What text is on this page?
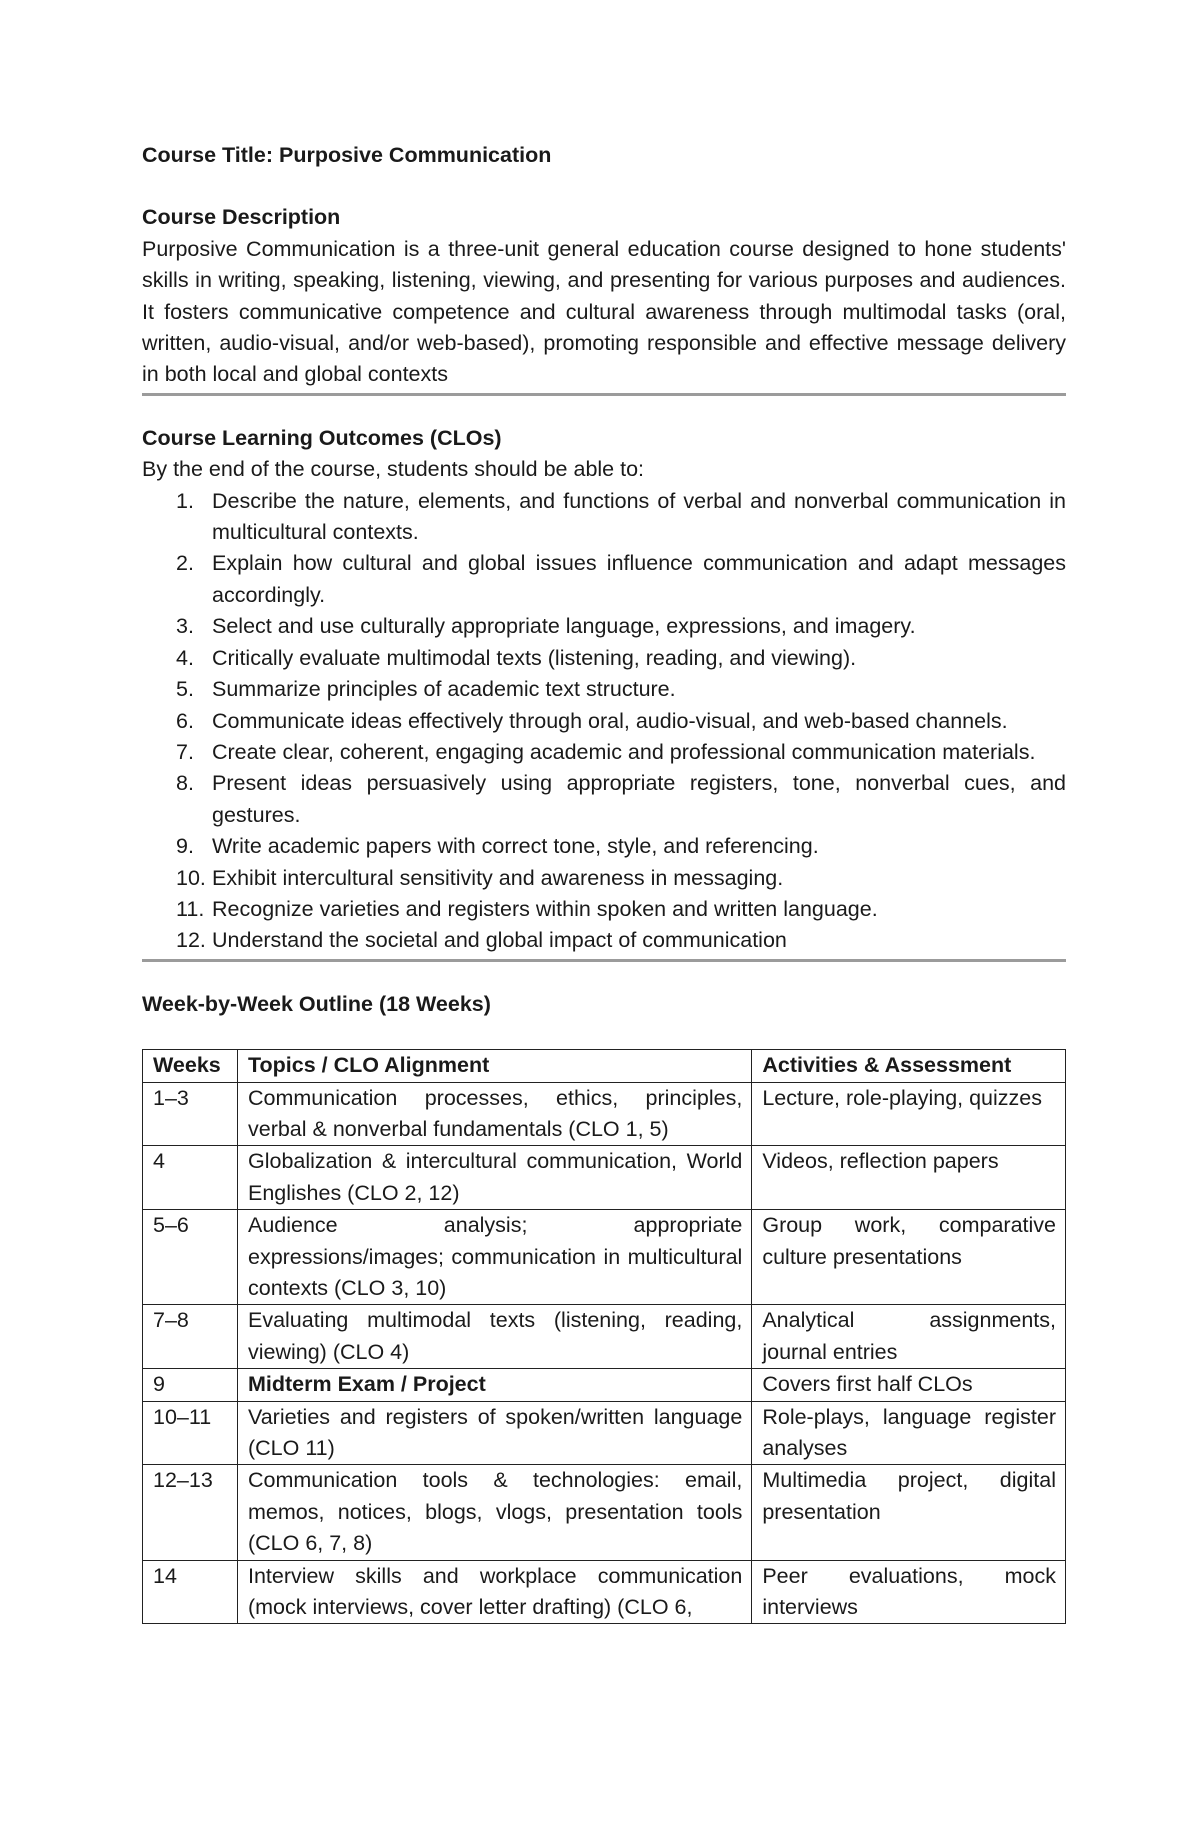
Course Title: Purposive Communication

Course Description

Purposive Communication is a three-unit general education course designed to hone students' skills in writing, speaking, listening, viewing, and presenting for various purposes and audiences. It fosters communicative competence and cultural awareness through multimodal tasks (oral, written, audio-visual, and/or web-based), promoting responsible and effective message delivery in both local and global contexts

Course Learning Outcomes (CLOs)

By the end of the course, students should be able to:

1. Describe the nature, elements, and functions of verbal and nonverbal communication in multicultural contexts.
2. Explain how cultural and global issues influence communication and adapt messages accordingly.
3. Select and use culturally appropriate language, expressions, and imagery.
4. Critically evaluate multimodal texts (listening, reading, and viewing).
5. Summarize principles of academic text structure.
6. Communicate ideas effectively through oral, audio-visual, and web-based channels.
7. Create clear, coherent, engaging academic and professional communication materials.
8. Present ideas persuasively using appropriate registers, tone, nonverbal cues, and gestures.
9. Write academic papers with correct tone, style, and referencing.
10. Exhibit intercultural sensitivity and awareness in messaging.
11. Recognize varieties and registers within spoken and written language.
12. Understand the societal and global impact of communication

Week-by-Week Outline (18 Weeks)

Weeks	Topics / CLO Alignment	Activities & Assessment
1–3	Communication processes, ethics, principles, verbal & nonverbal fundamentals (CLO 1, 5)	Lecture, role-playing, quizzes
4	Globalization & intercultural communication, World Englishes (CLO 2, 12)	Videos, reflection papers
5–6	Audience analysis; appropriate expressions/images; communication in multicultural contexts (CLO 3, 10)	Group work, comparative culture presentations
7–8	Evaluating multimodal texts (listening, reading, viewing) (CLO 4)	Analytical assignments, journal entries
9	Midterm Exam / Project	Covers first half CLOs
10–11	Varieties and registers of spoken/written language (CLO 11)	Role-plays, language register analyses
12–13	Communication tools & technologies: email, memos, notices, blogs, vlogs, presentation tools (CLO 6, 7, 8)	Multimedia project, digital presentation
14	Interview skills and workplace communication (mock interviews, cover letter drafting) (CLO 6,	Peer evaluations, mock interviews
